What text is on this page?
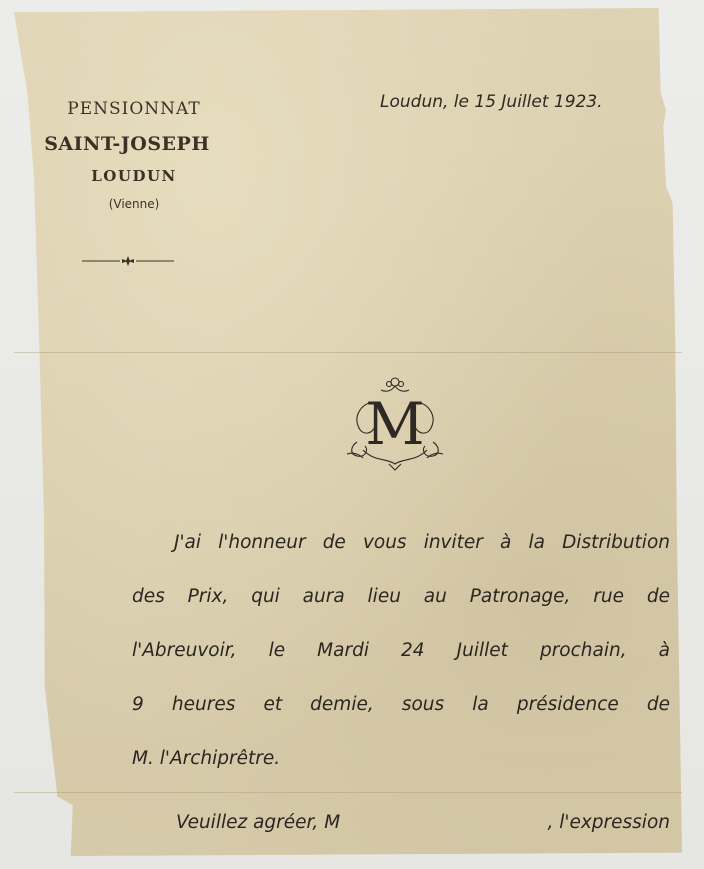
PENSIONNAT
SAINT-JOSEPH
LOUDUN
(Vienne)
Loudun, le 15 Juillet 1923.
M
J'ai l'honneur de vous inviter à la Distribution
des Prix, qui aura lieu au Patronage, rue de
l'Abreuvoir, le Mardi 24 Juillet prochain, à
9 heures et demie, sous la présidence de
M. l'Archiprêtre.
Veuillez agréer, M	, l'expression
